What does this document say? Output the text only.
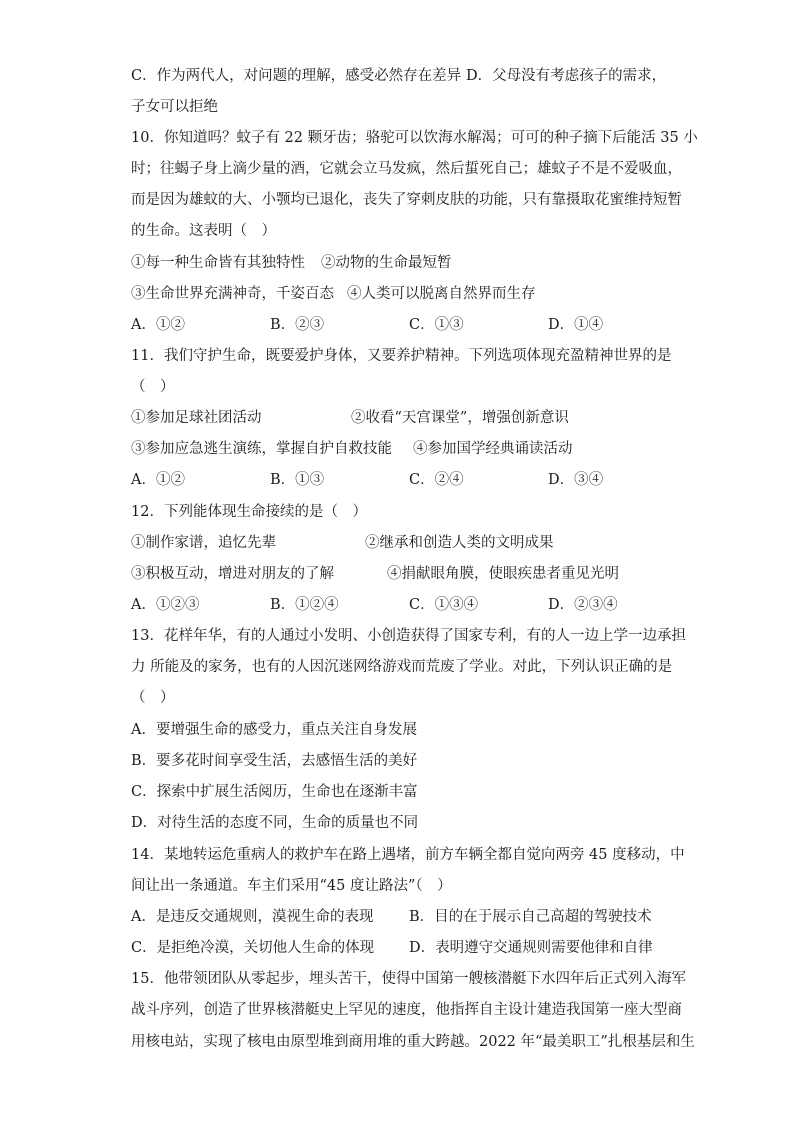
C．作为两代人，对问题的理解，感受必然存在差异 D．父母没有考虑孩子的需求，
子女可以拒绝
10．你知道吗？蚊子有 22 颗牙齿；骆驼可以饮海水解渴；可可的种子摘下后能活 35 小
时；往蝎子身上滴少量的酒，它就会立马发疯，然后蜇死自己；雄蚊子不是不爱吸血，
而是因为雄蚊的大、小颚均已退化，丧失了穿刺皮肤的功能，只有靠摄取花蜜维持短暂
的生命。这表明（　）
①每一种生命皆有其独特性 ②动物的生命最短暂
③生命世界充满神奇，千姿百态 ④人类可以脱离自然界而生存
A．①②	B．②③	C．①③	D．①④
11．我们守护生命，既要爱护身体，又要养护精神。下列选项体现充盈精神世界的是
（　）
①参加足球社团活动	②收看“天宫课堂”，增强创新意识
③参加应急逃生演练，掌握自护自救技能 ④参加国学经典诵读活动
A．①②	B．①③	C．②④	D．③④
12．下列能体现生命接续的是（　）
①制作家谱，追忆先辈	②继承和创造人类的文明成果
③积极互动，增进对朋友的了解	④捐献眼角膜，使眼疾患者重见光明
A．①②③	B．①②④	C．①③④	D．②③④
13．花样年华，有的人通过小发明、小创造获得了国家专利，有的人一边上学一边承担
力 所能及的家务，也有的人因沉迷网络游戏而荒废了学业。对此，下列认识正确的是
（　）
A．要增强生命的感受力，重点关注自身发展
B．要多花时间享受生活，去感悟生活的美好
C．探索中扩展生活阅历，生命也在逐渐丰富
D．对待生活的态度不同，生命的质量也不同
14．某地转运危重病人的救护车在路上遇堵，前方车辆全都自觉向两旁 45 度移动，中
间让出一条通道。车主们采用“45 度让路法”（　）
A．是违反交通规则，漠视生命的表现 B．目的在于展示自己高超的驾驶技术
C．是拒绝冷漠，关切他人生命的体现 D．表明遵守交通规则需要他律和自律
15．他带领团队从零起步，埋头苦干，使得中国第一艘核潜艇下水四年后正式列入海军
战斗序列，创造了世界核潜艇史上罕见的速度，他指挥自主设计建造我国第一座大型商
用核电站，实现了核电由原型堆到商用堆的重大跨越。2022 年“最美职工”扎根基层和生
